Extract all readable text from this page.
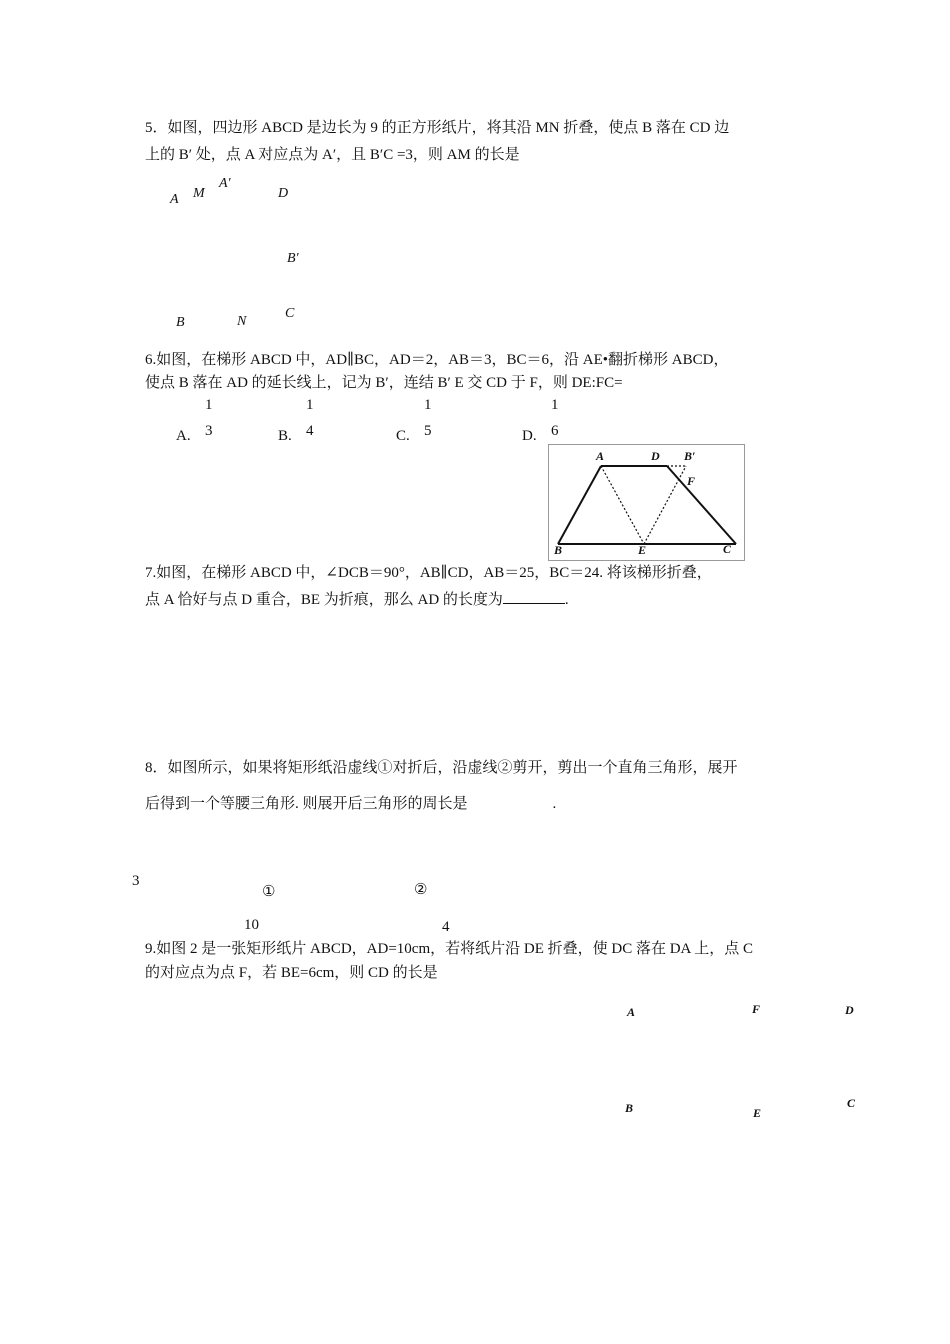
5．如图，四边形 ABCD 是边长为 9 的正方形纸片，将其沿 MN 折叠，使点 B 落在 CD 边
上的 B′ 处，点 A 对应点为 A′，且 B′C =3，则 AM 的长是
A M
A′
D
B′
B	N
C
6.如图，在梯形 ABCD 中，AD∥BC，AD＝2，AB＝3，BC＝6，沿 AE•翻折梯形 ABCD，
使点 B 落在 AD 的延长线上，记为 B′，连结 B′ E 交 CD 于 F，则 DE:FC=
1
A. 3
1
B. 4
1
C. 5
1
D. 6
A	D B′
F
B	E	C
7.如图，在梯形 ABCD 中，∠DCB＝90°，AB∥CD，AB＝25，BC＝24. 将该梯形折叠，
点 A 恰好与点 D 重合，BE 为折痕，那么 AD 的长度为	.
8．如图所示，如果将矩形纸沿虚线①对折后，沿虚线②剪开，剪出一个直角三角形，展开
后得到一个等腰三角形. 则展开后三角形的周长是	.
3
①	②
10	4
9.如图 2 是一张矩形纸片 ABCD，AD=10cm，若将纸片沿 DE 折叠，使 DC 落在 DA 上，点 C
的对应点为点 F，若 BE=6cm，则 CD 的长是
A	F	D
B	E
C
